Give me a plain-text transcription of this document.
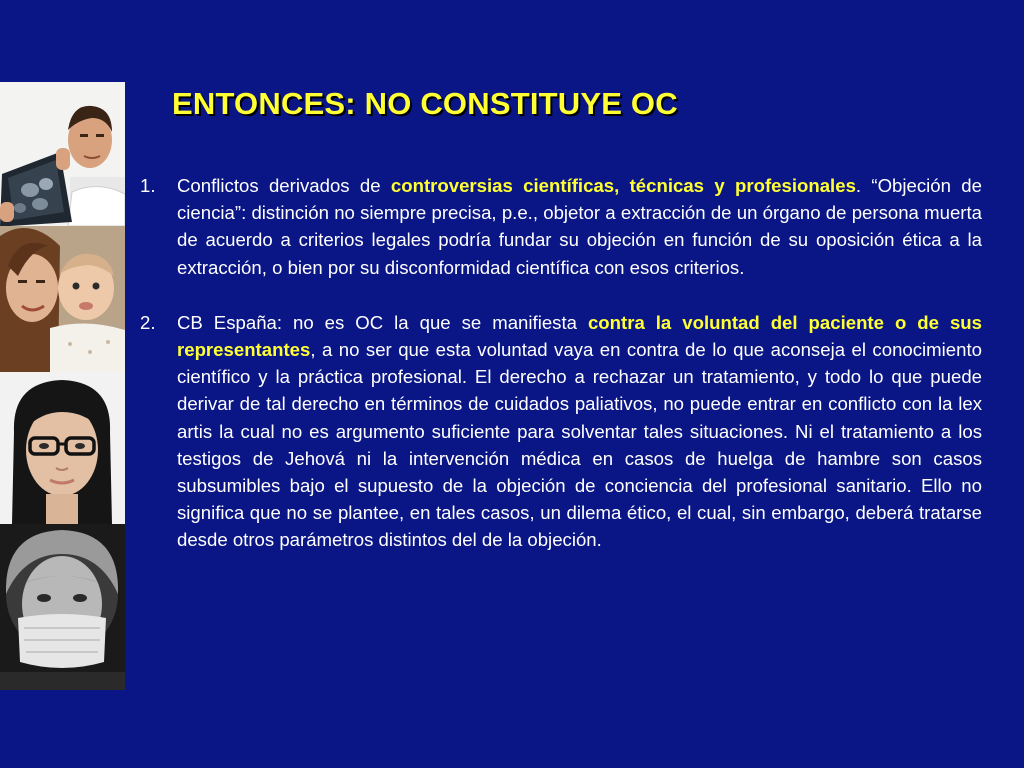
ENTONCES: NO CONSTITUYE OC
1. Conflictos derivados de controversias científicas, técnicas y profesionales. “Objeción de ciencia”: distinción no siempre precisa, p.e., objetor a extracción de un órgano de persona muerta de acuerdo a criterios legales podría fundar su objeción en función de su oposición ética a la extracción, o bien por su disconformidad científica con esos criterios.
2. CB España: no es OC la que se manifiesta contra la voluntad del paciente o de sus representantes, a no ser que esta voluntad vaya en contra de lo que aconseja el conocimiento científico y la práctica profesional. El derecho a rechazar un tratamiento, y todo lo que puede derivar de tal derecho en términos de cuidados paliativos, no puede entrar en conflicto con la lex artis la cual no es argumento suficiente para solventar tales situaciones. Ni el tratamiento a los testigos de Jehová ni la intervención médica en casos de huelga de hambre son casos subsumibles bajo el supuesto de la objeción de conciencia del profesional sanitario. Ello no significa que no se plantee, en tales casos, un dilema ético, el cual, sin embargo, deberá tratarse desde otros parámetros distintos del de la objeción.
